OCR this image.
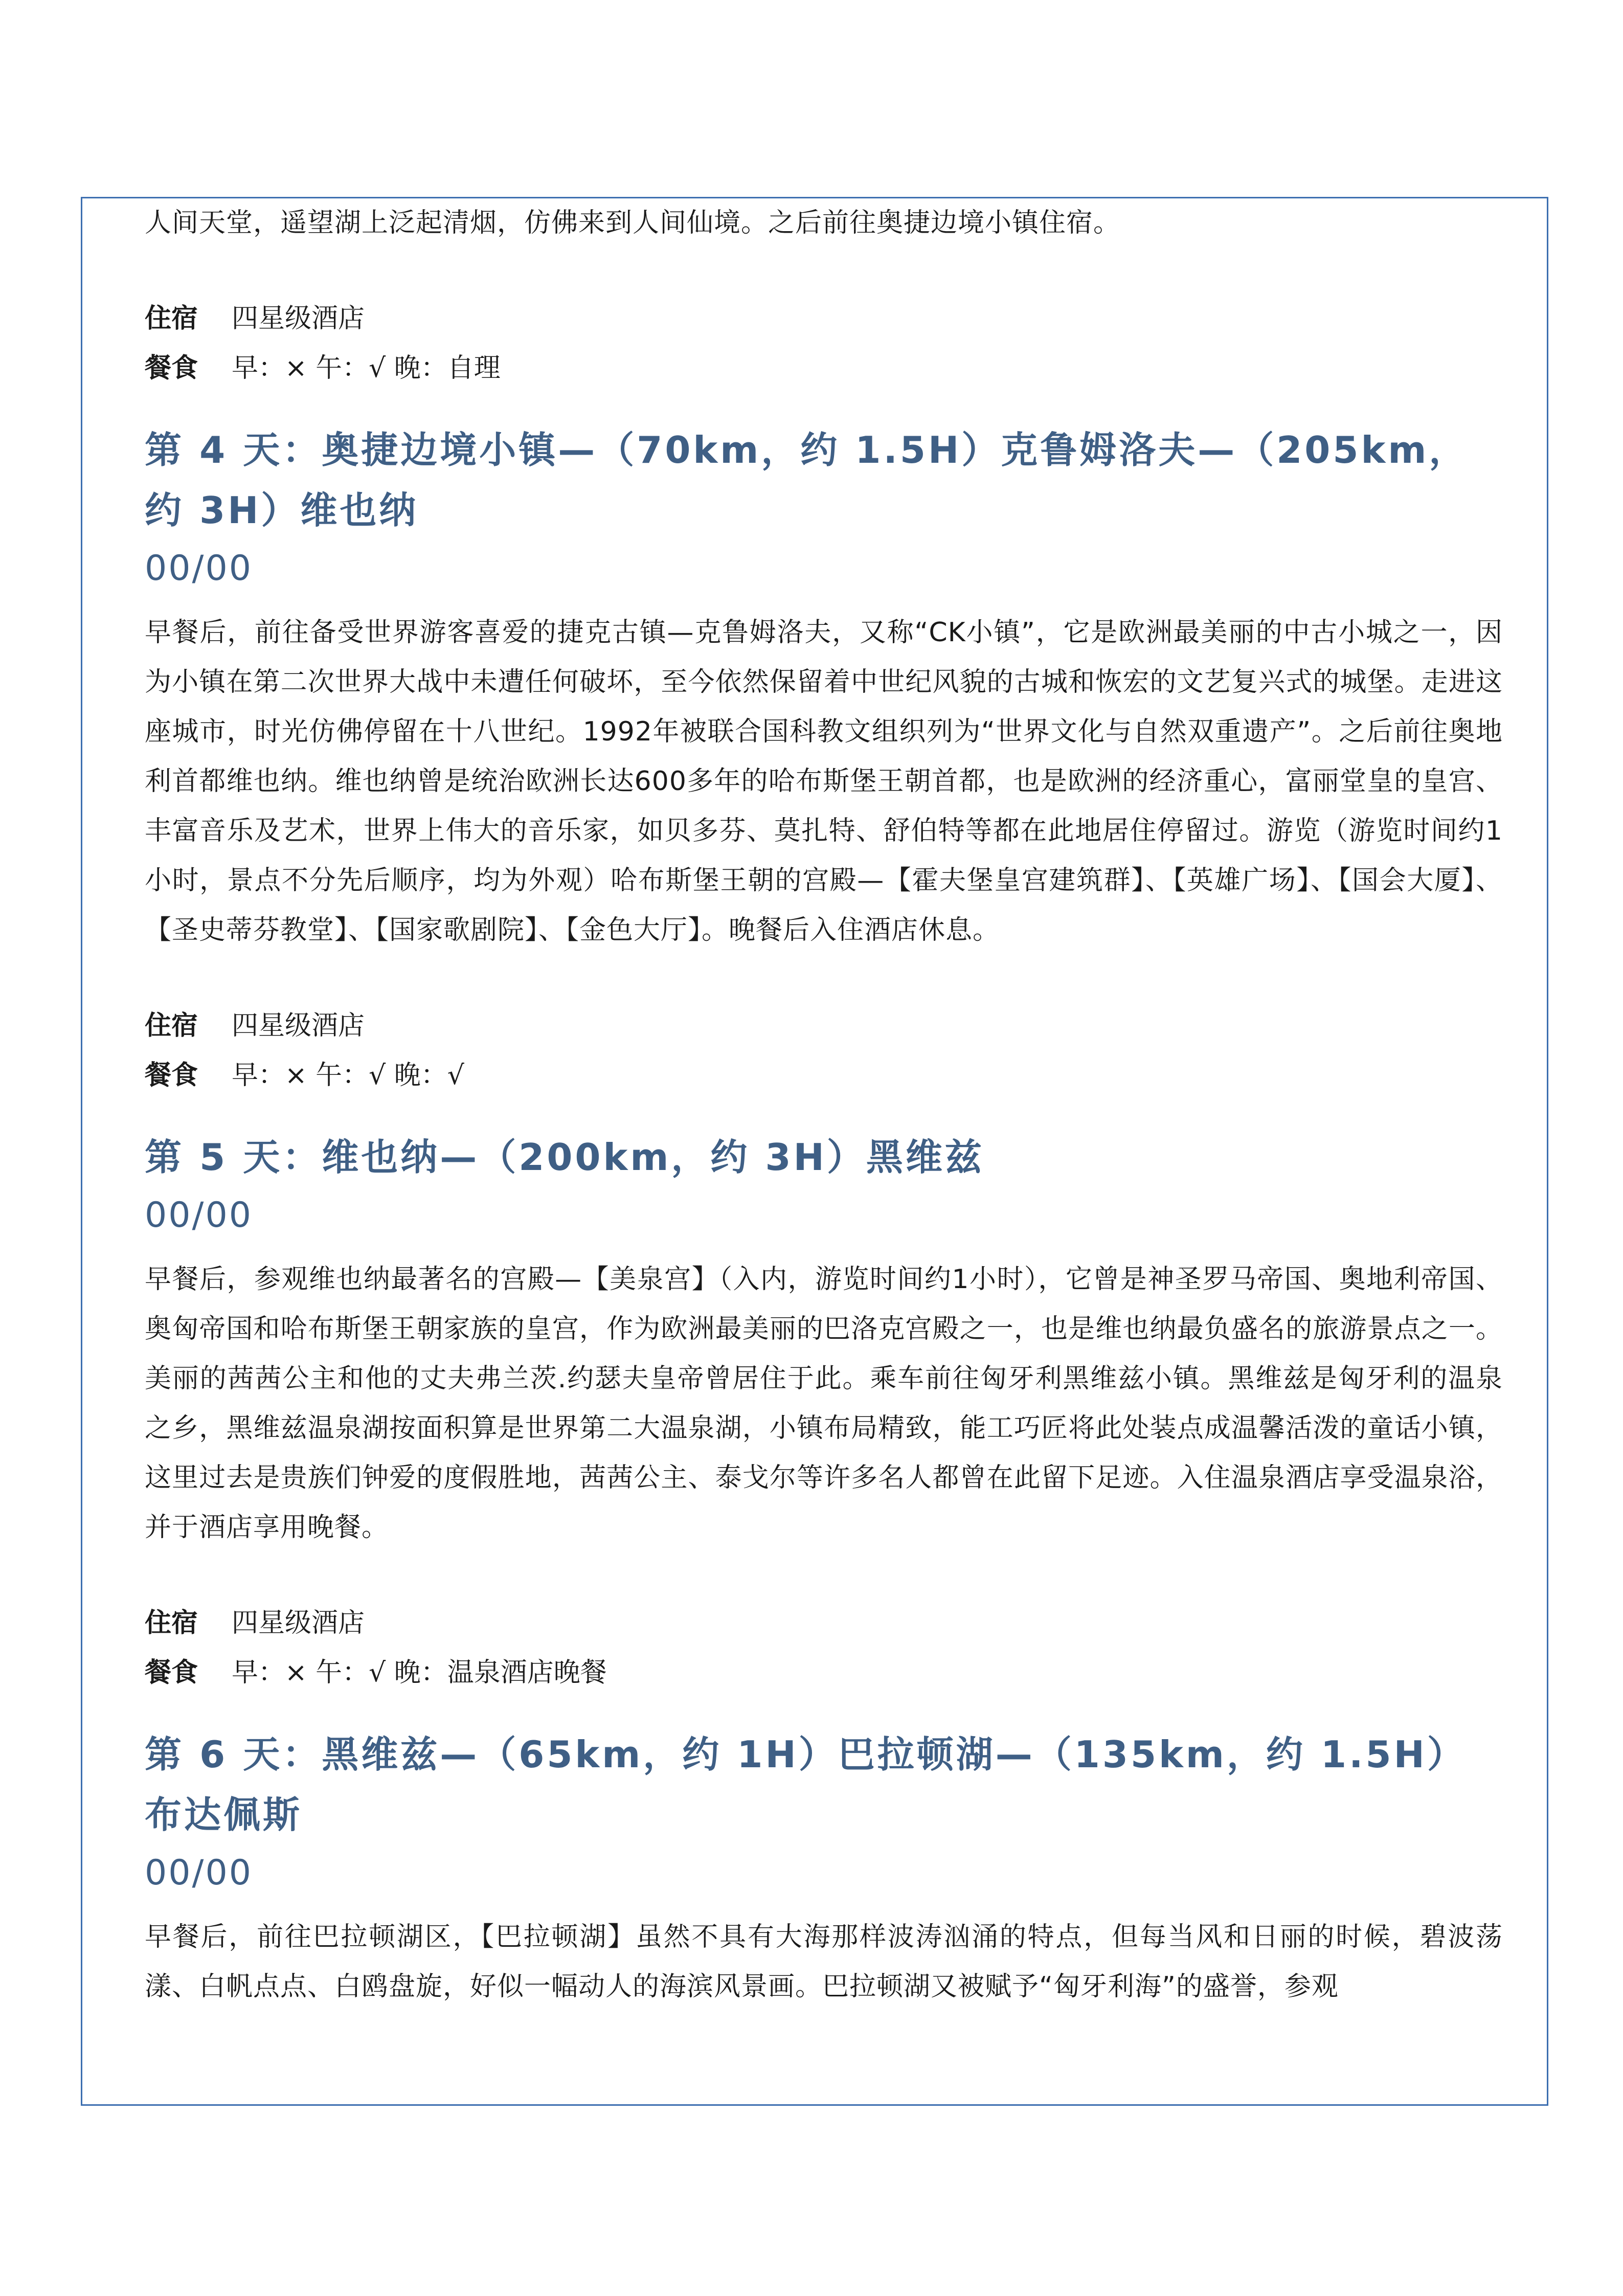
人间天堂，遥望湖上泛起清烟，仿佛来到人间仙境。之后前往奥捷边境小镇住宿。

住宿	四星级酒店
餐食	早：× 午：√ 晚：自理
第 4 天：奥捷边境小镇—（70km，约 1.5H）克鲁姆洛夫—（205km，约 3H）维也纳
00/00

早餐后，前往备受世界游客喜爱的捷克古镇—克鲁姆洛夫，又称“CK小镇”，它是欧洲最美丽的中古小城之一，因为小镇在第二次世界大战中未遭任何破坏，至今依然保留着中世纪风貌的古城和恢宏的文艺复兴式的城堡。走进这座城市，时光仿佛停留在十八世纪。1992年被联合国科教文组织列为“世界文化与自然双重遗产”。之后前往奥地利首都维也纳。维也纳曾是统治欧洲长达600多年的哈布斯堡王朝首都，也是欧洲的经济重心，富丽堂皇的皇宫、丰富音乐及艺术，世界上伟大的音乐家，如贝多芬、莫扎特、舒伯特等都在此地居住停留过。游览（游览时间约1小时，景点不分先后顺序，均为外观）哈布斯堡王朝的宫殿—【霍夫堡皇宫建筑群】、【英雄广场】、【国会大厦】、【圣史蒂芬教堂】、【国家歌剧院】、【金色大厅】。晚餐后入住酒店休息。

住宿	四星级酒店
餐食	早：× 午：√ 晚：√
第 5 天：维也纳—（200km，约 3H）黑维兹
00/00

早餐后，参观维也纳最著名的宫殿—【美泉宫】（入内，游览时间约1小时），它曾是神圣罗马帝国、奥地利帝国、奥匈帝国和哈布斯堡王朝家族的皇宫，作为欧洲最美丽的巴洛克宫殿之一，也是维也纳最负盛名的旅游景点之一。美丽的茜茜公主和他的丈夫弗兰茨.约瑟夫皇帝曾居住于此。乘车前往匈牙利黑维兹小镇。黑维兹是匈牙利的温泉之乡，黑维兹温泉湖按面积算是世界第二大温泉湖，小镇布局精致，能工巧匠将此处装点成温馨活泼的童话小镇，这里过去是贵族们钟爱的度假胜地，茜茜公主、泰戈尔等许多名人都曾在此留下足迹。入住温泉酒店享受温泉浴，并于酒店享用晚餐。

住宿	四星级酒店
餐食	早：× 午：√ 晚：温泉酒店晚餐
第 6 天：黑维兹—（65km，约 1H）巴拉顿湖—（135km，约 1.5H）布达佩斯
00/00

早餐后，前往巴拉顿湖区，【巴拉顿湖】虽然不具有大海那样波涛汹涌的特点，但每当风和日丽的时候，碧波荡漾、白帆点点、白鸥盘旋，好似一幅动人的海滨风景画。巴拉顿湖又被赋予“匈牙利海”的盛誉，参观
